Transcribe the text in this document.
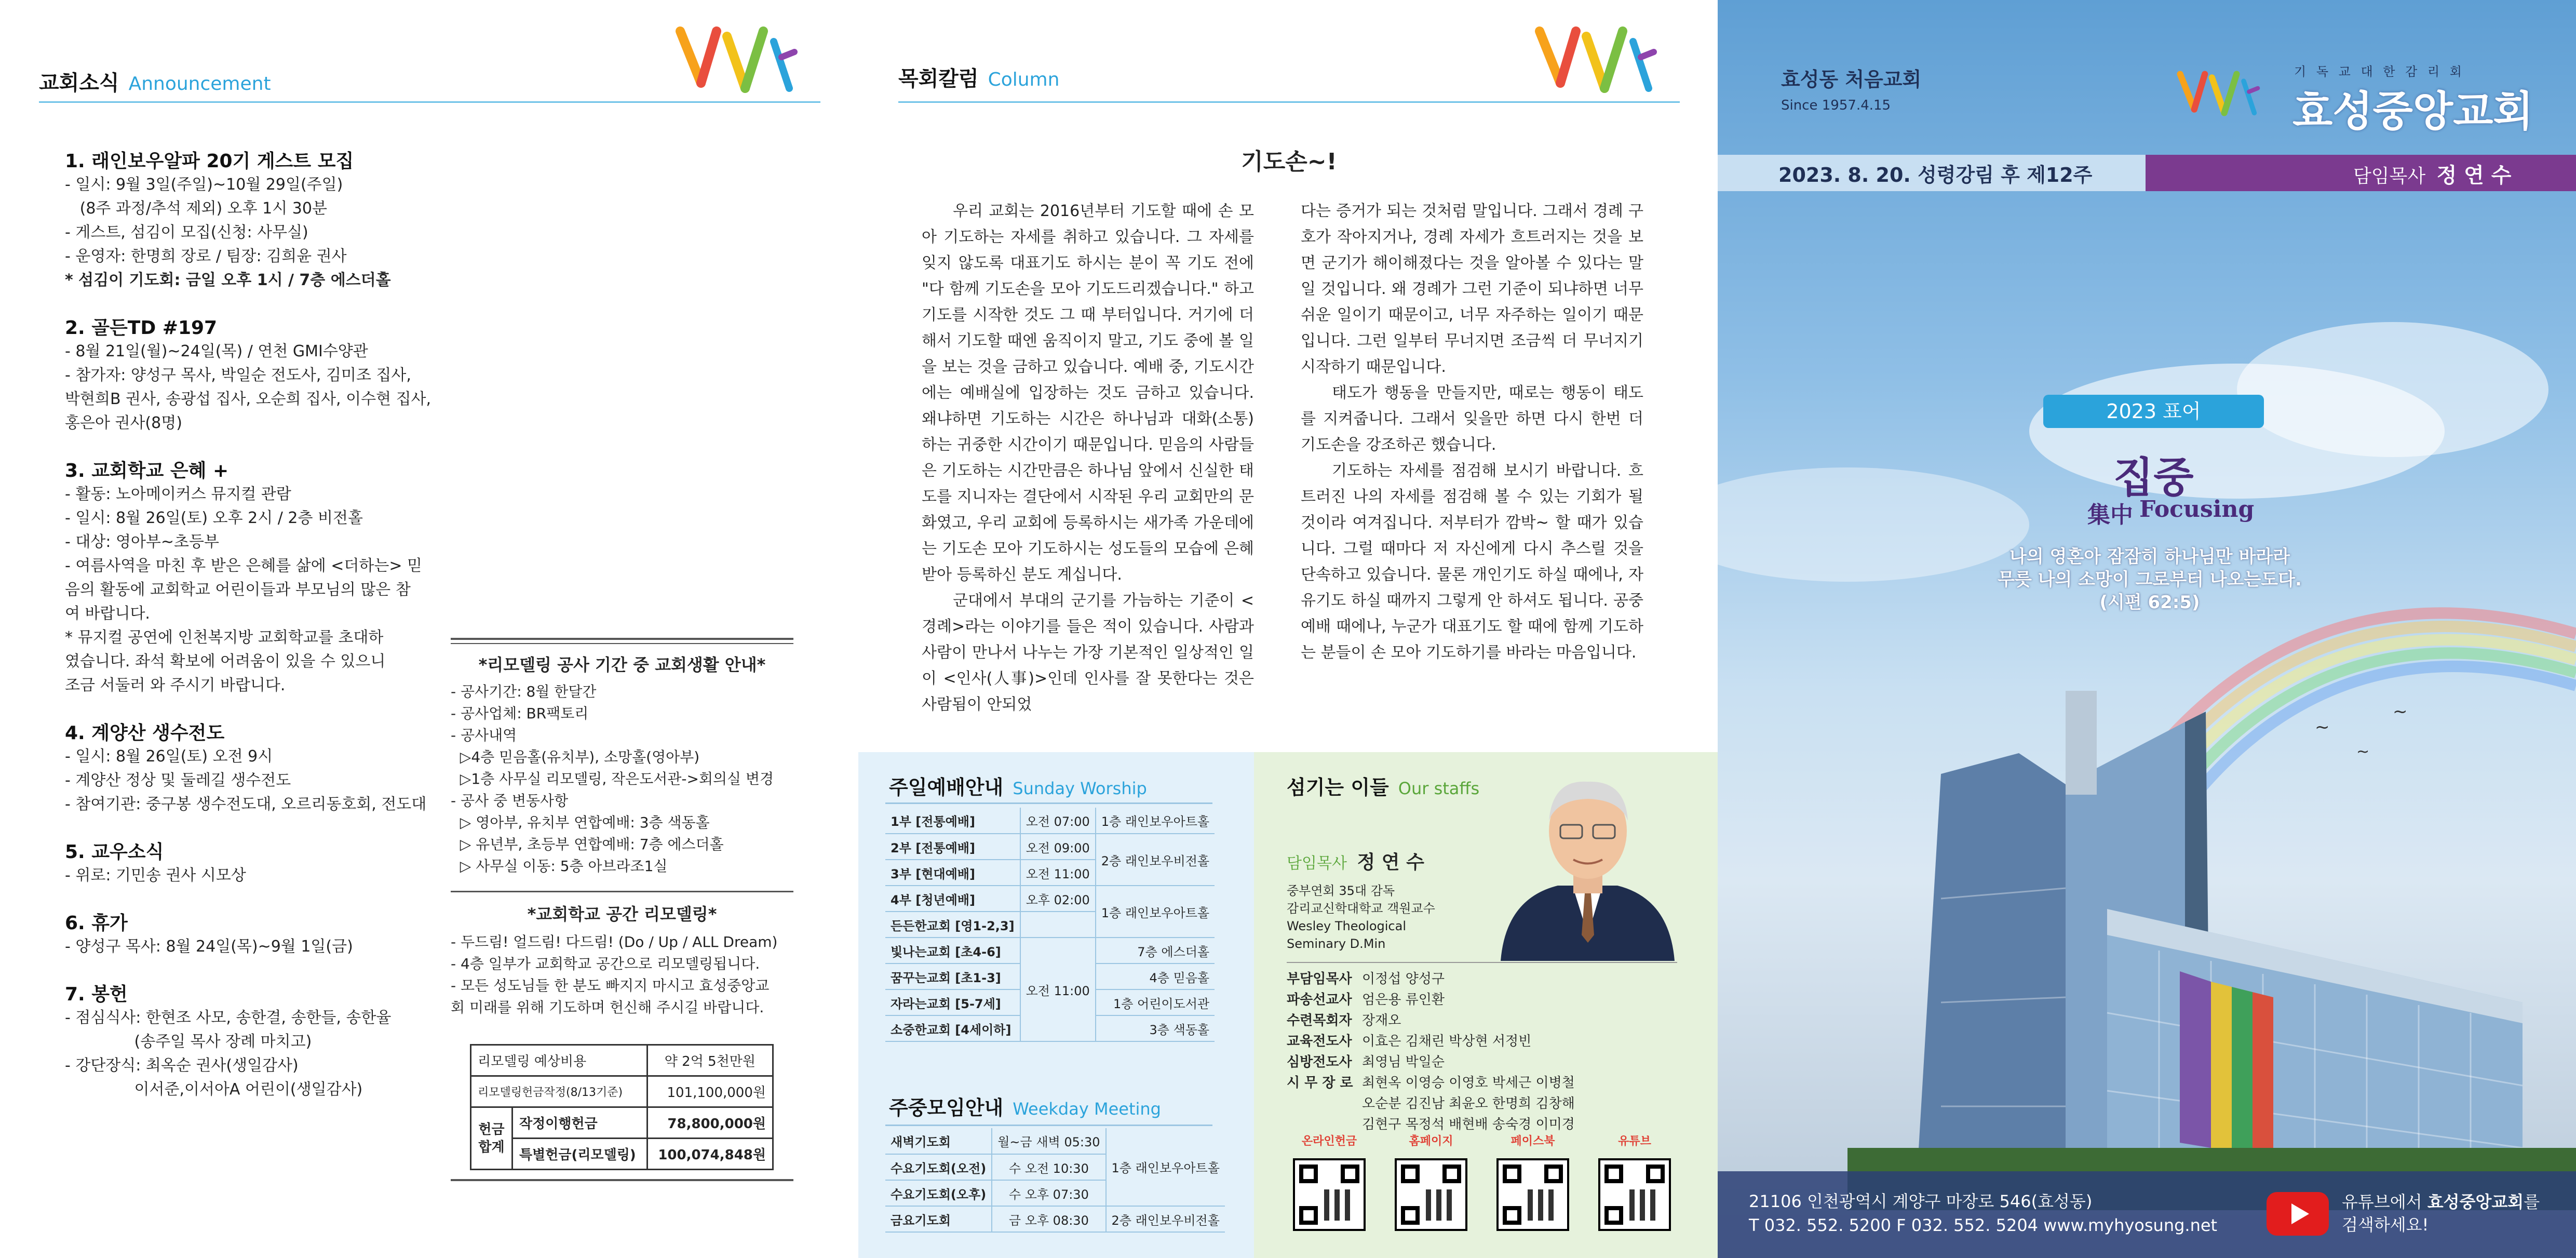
교회소식 Announcement
1. 래인보우알파 20기 게스트 모집
- 일시: 9월 3일(주일)~10월 29일(주일)
(8주 과정/추석 제외) 오후 1시 30분
- 게스트, 섬김이 모집(신청: 사무실)
- 운영자: 한명희 장로 / 팀장: 김희윤 권사
* 섬김이 기도회: 금일 오후 1시 / 7층 에스더홀
2. 골든TD #197
- 8월 21일(월)~24일(목) / 연천 GMI수양관
- 참가자: 양성구 목사, 박일순 전도사, 김미조 집사,
박현희B 권사, 송광섭 집사, 오순희 집사, 이수현 집사,
홍은아 권사(8명)
3. 교회학교 은혜 +
- 활동: 노아메이커스 뮤지컬 관람
- 일시: 8월 26일(토) 오후 2시 / 2층 비전홀
- 대상: 영아부~초등부
- 여름사역을 마친 후 받은 은혜를 삶에 <더하는> 믿
음의 활동에 교회학교 어린이들과 부모님의 많은 참
여 바랍니다.
* 뮤지컬 공연에 인천복지방 교회학교를 초대하
였습니다. 좌석 확보에 어려움이 있을 수 있으니
조금 서둘러 와 주시기 바랍니다.
4. 계양산 생수전도
- 일시: 8월 26일(토) 오전 9시
- 계양산 정상 및 둘레길 생수전도
- 참여기관: 중구봉 생수전도대, 오르리동호회, 전도대
5. 교우소식
- 위로: 기민송 권사 시모상
6. 휴가
- 양성구 목사: 8월 24일(목)~9월 1일(금)
7. 봉헌
- 점심식사: 한현조 사모, 송한결, 송한들, 송한율
(송주일 목사 장례 마치고)
- 강단장식: 최옥순 권사(생일감사)
이서준,이서아A 어린이(생일감사)
*리모델링 공사 기간 중 교회생활 안내*
- 공사기간: 8월 한달간
- 공사업체: BR팩토리
- 공사내역
▷4층 믿음홀(유치부), 소망홀(영아부)
▷1층 사무실 리모델링, 작은도서관->회의실 변경
- 공사 중 변동사항
▷ 영아부, 유치부 연합예배: 3층 색동홀
▷ 유년부, 초등부 연합예배: 7층 에스더홀
▷ 사무실 이동: 5층 아브라조1실
*교회학교 공간 리모델링*
- 두드림! 얼드림! 다드림! (Do / Up / ALL Dream)
- 4층 일부가 교회학교 공간으로 리모델링됩니다.
- 모든 성도님들 한 분도 빠지지 마시고 효성중앙교
회 미래를 위해 기도하며 헌신해 주시길 바랍니다.
리모델링 예상비용		약 2억 5천만원
리모델링헌금작정(8/13기준)		101,100,000원
헌금
합계	작정이행헌금	78,800,000원
	특별헌금(리모델링)	100,074,848원
목회칼럼 Column
기도손~!

우리 교회는 2016년부터 기도할 때에 손 모아 기도하는 자세를 취하고 있습니다. 그 자세를 잊지 않도록 대표기도 하시는 분이 꼭 기도 전에 "다 함께 기도손을 모아 기도드리겠습니다." 하고 기도를 시작한 것도 그 때 부터입니다. 거기에 더해서 기도할 때엔 움직이지 말고, 기도 중에 볼 일을 보는 것을 금하고 있습니다. 예배 중, 기도시간에는 예배실에 입장하는 것도 금하고 있습니다. 왜냐하면 기도하는 시간은 하나님과 대화(소통)하는 귀중한 시간이기 때문입니다. 믿음의 사람들은 기도하는 시간만큼은 하나님 앞에서 신실한 태도를 지니자는 결단에서 시작된 우리 교회만의 문화였고, 우리 교회에 등록하시는 새가족 가운데에는 기도손 모아 기도하시는 성도들의 모습에 은혜 받아 등록하신 분도 계십니다.

군대에서 부대의 군기를 가늠하는 기준이 <경례>라는 이야기를 들은 적이 있습니다. 사람과 사람이 만나서 나누는 가장 기본적인 일상적인 일이 <인사(人事)>인데 인사를 잘 못한다는 것은 사람됨이 안되었

다는 증거가 되는 것처럼 말입니다. 그래서 경례 구호가 작아지거나, 경례 자세가 흐트러지는 것을 보면 군기가 해이해졌다는 것을 알아볼 수 있다는 말일 것입니다. 왜 경례가 그런 기준이 되냐하면 너무 쉬운 일이기 때문이고, 너무 자주하는 일이기 때문입니다. 그런 일부터 무너지면 조금씩 더 무너지기 시작하기 때문입니다.

태도가 행동을 만들지만, 때로는 행동이 태도를 지켜줍니다. 그래서 잊을만 하면 다시 한번 더 기도손을 강조하곤 했습니다.

기도하는 자세를 점검해 보시기 바랍니다. 흐트러진 나의 자세를 점검해 볼 수 있는 기회가 될 것이라 여겨집니다. 저부터가 깜박~ 할 때가 있습니다. 그럴 때마다 저 자신에게 다시 추스릴 것을 단속하고 있습니다. 물론 개인기도 하실 때에나, 자유기도 하실 때까지 그렇게 안 하셔도 됩니다. 공중예배 때에나, 누군가 대표기도 할 때에 함께 기도하는 분들이 손 모아 기도하기를 바라는 마음입니다.

주일예배안내 Sunday Worship
1부 [전통예배]	오전 07:00	1층 래인보우아트홀
2부 [전통예배]	오전 09:00	2층 래인보우비전홀
3부 [현대예배]	오전 11:00	
4부 [청년예배]	오후 02:00	1층 래인보우아트홀
든든한교회 [영1-2,3]		
빛나는교회 [초4-6]	오전 11:00	7층 에스더홀
꿈꾸는교회 [초1-3]		4층 믿음홀
자라는교회 [5-7세]		1층 어린이도서관
소중한교회 [4세이하]		3층 색동홀
주중모임안내 Weekday Meeting
새벽기도회	월~금 새벽 05:30	1층 래인보우아트홀
수요기도회(오전)	수 오전 10:30	
수요기도회(오후)	수 오후 07:30	
금요기도회	금 오후 08:30	2층 래인보우비전홀
섬기는 이들 Our staffs
담임목사 정 연 수
중부연회 35대 감독
감리교신학대학교 객원교수
Wesley Theological
Seminary D.Min
부담임목사 이정섭 양성구
파송선교사 엄은용 류인환
수련목회자 장재오
교육전도사 이효은 김채린 박상현 서정빈
심방전도사 최영님 박일순
시 무 장 로 최현옥 이영승 이영호 박세근 이병철
오순분 김진남 최윤오 한명희 김창해
김현구 목정석 배현배 송숙경 이미경
온라인헌금	홈페이지	페이스북	유튜브
~
~
~
효성동 처음교회
Since 1957.4.15
기 독 교 대 한 감 리 회
효성중앙교회
2023. 8. 20. 성령강림 후 제12주	담임목사 정 연 수
2023 표어
집중
集中 Focusing
나의 영혼아 잠잠히 하나님만 바라라
무릇 나의 소망이 그로부터 나오는도다.
(시편 62:5)
21106 인천광역시 계양구 마장로 546(효성동)
T 032. 552. 5200 F 032. 552. 5204 www.myhyosung.net
유튜브에서 효성중앙교회를
검색하세요!
